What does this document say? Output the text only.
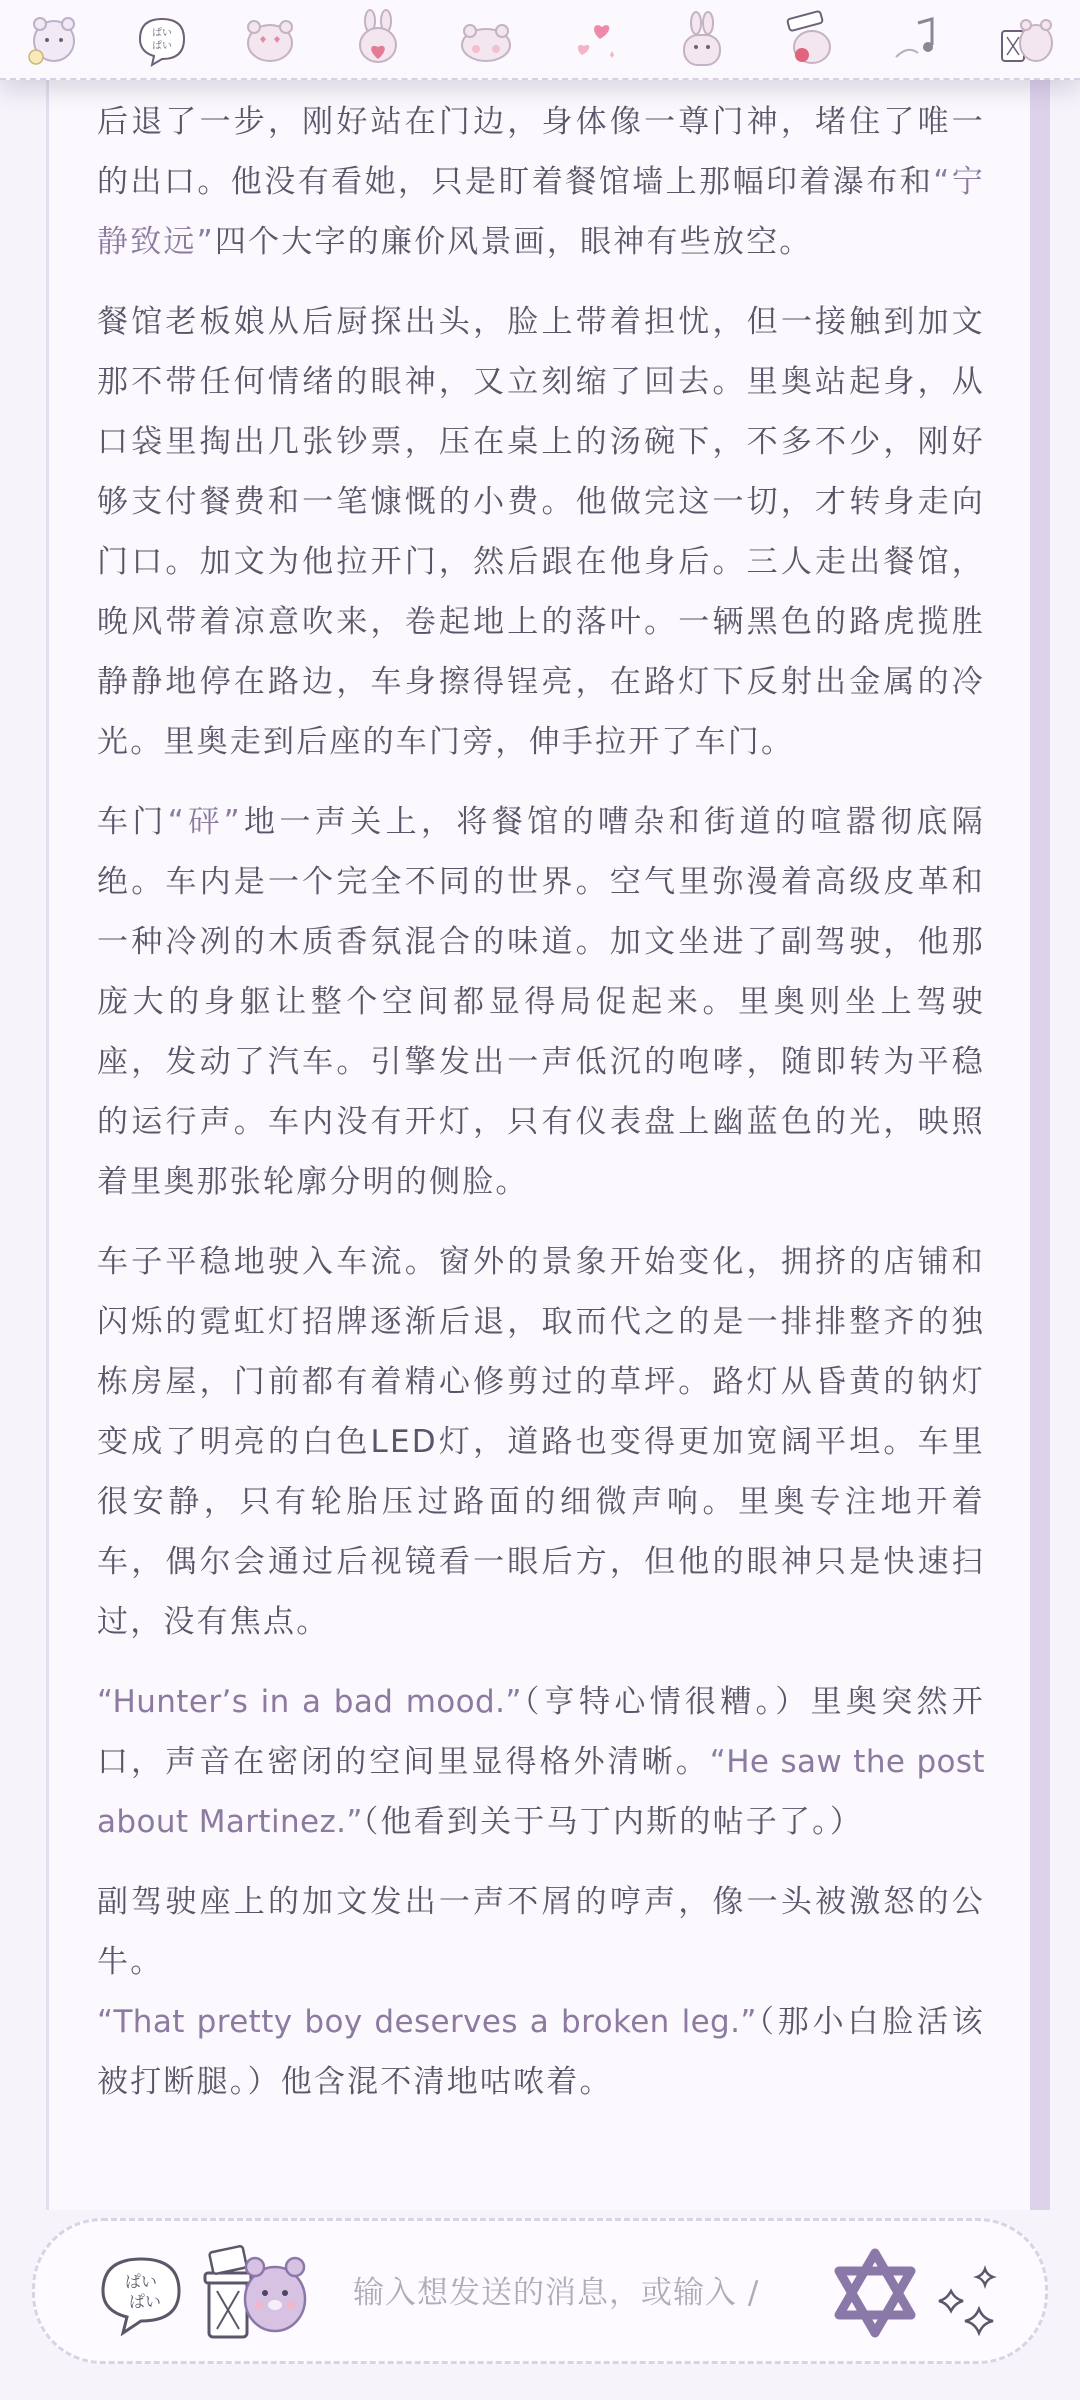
ぱい
ぱい

后退了一步，刚好站在门边，身体像一尊门神，堵住了唯一的出口。他没有看她，只是盯着餐馆墙上那幅印着瀑布和“宁静致远”四个大字的廉价风景画，眼神有些放空。

餐馆老板娘从后厨探出头，脸上带着担忧，但一接触到加文那不带任何情绪的眼神，又立刻缩了回去。里奥站起身，从口袋里掏出几张钞票，压在桌上的汤碗下，不多不少，刚好够支付餐费和一笔慷慨的小费。他做完这一切，才转身走向门口。加文为他拉开门，然后跟在他身后。三人走出餐馆，晚风带着凉意吹来，卷起地上的落叶。一辆黑色的路虎揽胜静静地停在路边，车身擦得锃亮，在路灯下反射出金属的冷光。里奥走到后座的车门旁，伸手拉开了车门。

车门“砰”地一声关上，将餐馆的嘈杂和街道的喧嚣彻底隔绝。车内是一个完全不同的世界。空气里弥漫着高级皮革和一种冷冽的木质香氛混合的味道。加文坐进了副驾驶，他那庞大的身躯让整个空间都显得局促起来。里奥则坐上驾驶座，发动了汽车。引擎发出一声低沉的咆哮，随即转为平稳的运行声。车内没有开灯，只有仪表盘上幽蓝色的光，映照着里奥那张轮廓分明的侧脸。

车子平稳地驶入车流。窗外的景象开始变化，拥挤的店铺和闪烁的霓虹灯招牌逐渐后退，取而代之的是一排排整齐的独栋房屋，门前都有着精心修剪过的草坪。路灯从昏黄的钠灯变成了明亮的白色LED灯，道路也变得更加宽阔平坦。车里很安静，只有轮胎压过路面的细微声响。里奥专注地开着车，偶尔会通过后视镜看一眼后方，但他的眼神只是快速扫过，没有焦点。

“Hunter’s in a bad mood.”（亨特心情很糟。）里奥突然开口，声音在密闭的空间里显得格外清晰。“He saw the post about Martinez.”（他看到关于马丁内斯的帖子了。）

副驾驶座上的加文发出一声不屑的哼声，像一头被激怒的公牛。

“That pretty boy deserves a broken leg.”（那小白脸活该被打断腿。）他含混不清地咕哝着。

ぱい
ぱい
输入想发送的消息，或输入 /
